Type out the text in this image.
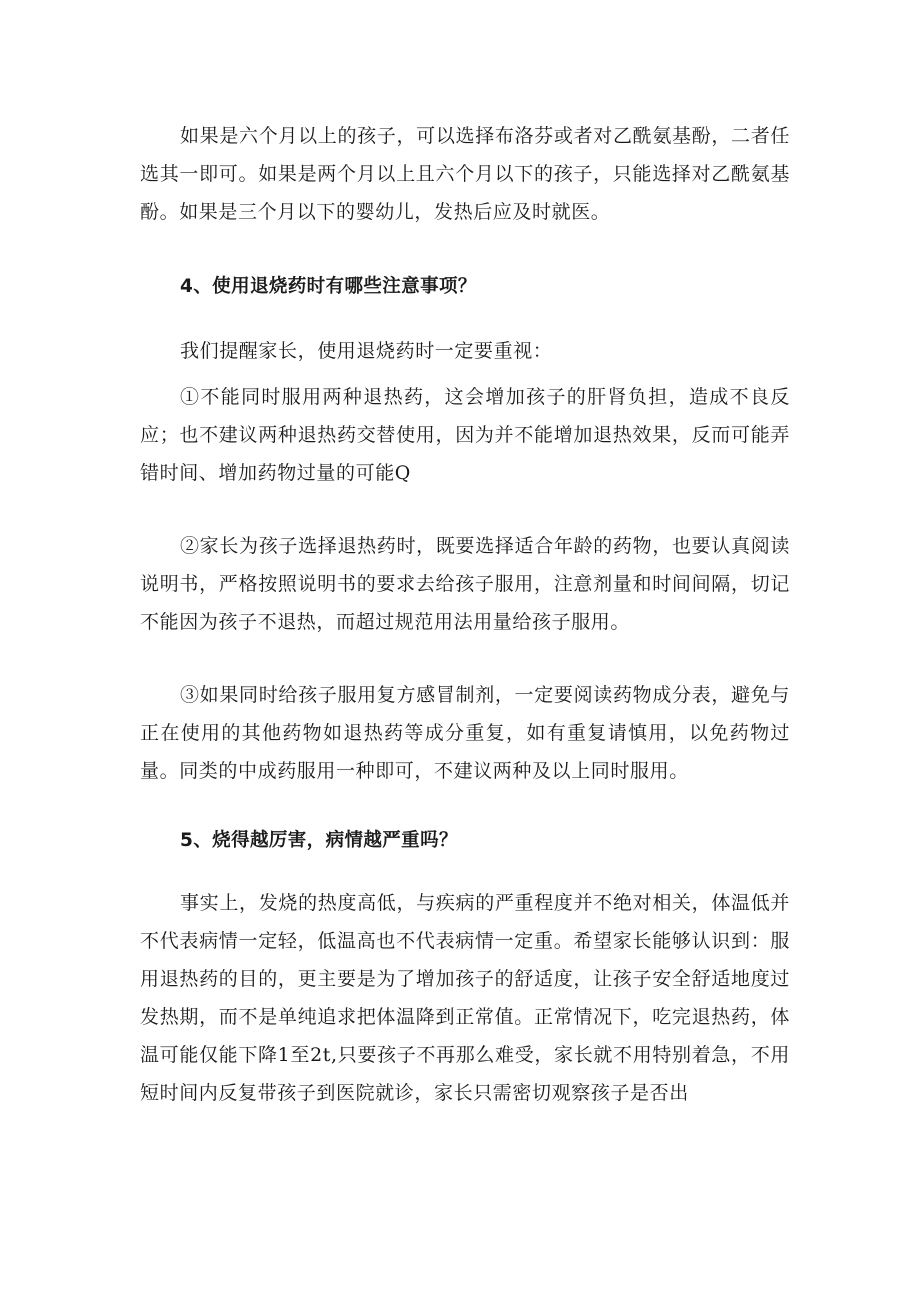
如果是六个月以上的孩子，可以选择布洛芬或者对乙酰氨基酚，二者任选其一即可。如果是两个月以上且六个月以下的孩子，只能选择对乙酰氨基酚。如果是三个月以下的婴幼儿，发热后应及时就医。

4、使用退烧药时有哪些注意事项？

我们提醒家长，使用退烧药时一定要重视：

①不能同时服用两种退热药，这会增加孩子的肝肾负担，造成不良反应；也不建议两种退热药交替使用，因为并不能增加退热效果，反而可能弄错时间、增加药物过量的可能Q

②家长为孩子选择退热药时，既要选择适合年龄的药物，也要认真阅读说明书，严格按照说明书的要求去给孩子服用，注意剂量和时间间隔，切记不能因为孩子不退热，而超过规范用法用量给孩子服用。

③如果同时给孩子服用复方感冒制剂，一定要阅读药物成分表，避免与正在使用的其他药物如退热药等成分重复，如有重复请慎用，以免药物过量。同类的中成药服用一种即可，不建议两种及以上同时服用。

5、烧得越厉害，病情越严重吗？

事实上，发烧的热度高低，与疾病的严重程度并不绝对相关，体温低并不代表病情一定轻，低温高也不代表病情一定重。希望家长能够认识到：服用退热药的目的，更主要是为了增加孩子的舒适度，让孩子安全舒适地度过发热期，而不是单纯追求把体温降到正常值。正常情况下，吃完退热药，体温可能仅能下降1至2t,只要孩子不再那么难受，家长就不用特别着急，不用短时间内反复带孩子到医院就诊，家长只需密切观察孩子是否出
